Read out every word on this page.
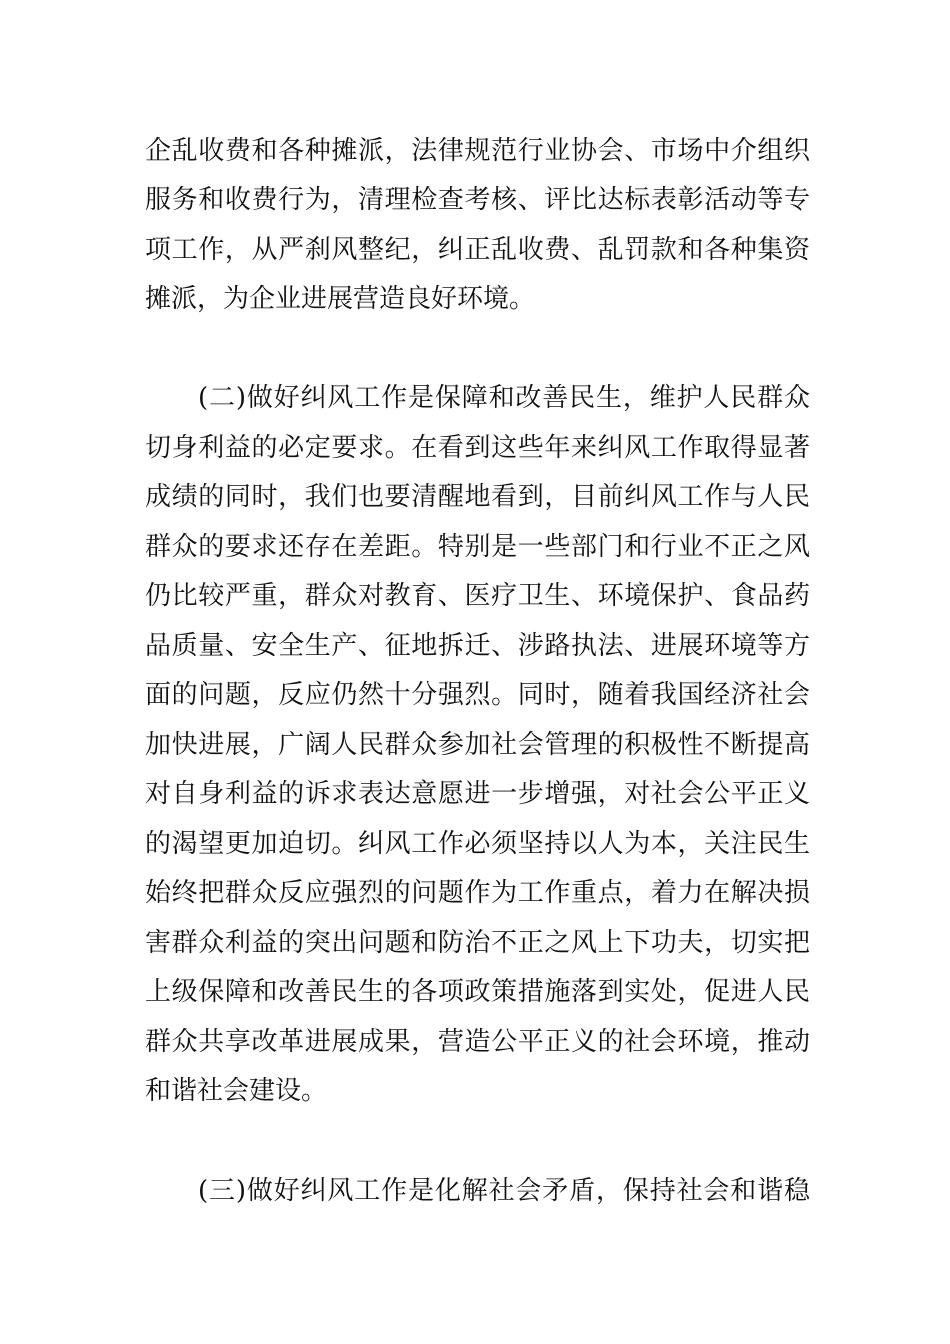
企乱收费和各种摊派，法律规范行业协会、市场中介组织
服务和收费行为，清理检查考核、评比达标表彰活动等专
项工作，从严刹风整纪，纠正乱收费、乱罚款和各种集资
摊派，为企业进展营造良好环境。
(二)做好纠风工作是保障和改善民生，维护人民群众
切身利益的必定要求。在看到这些年来纠风工作取得显著
成绩的同时，我们也要清醒地看到，目前纠风工作与人民
群众的要求还存在差距。特别是一些部门和行业不正之风
仍比较严重，群众对教育、医疗卫生、环境保护、食品药
品质量、安全生产、征地拆迁、涉路执法、进展环境等方
面的问题，反应仍然十分强烈。同时，随着我国经济社会
加快进展，广阔人民群众参加社会管理的积极性不断提高
对自身利益的诉求表达意愿进一步增强，对社会公平正义
的渴望更加迫切。纠风工作必须坚持以人为本，关注民生
始终把群众反应强烈的问题作为工作重点，着力在解决损
害群众利益的突出问题和防治不正之风上下功夫，切实把
上级保障和改善民生的各项政策措施落到实处，促进人民
群众共享改革进展成果，营造公平正义的社会环境，推动
和谐社会建设。
(三)做好纠风工作是化解社会矛盾，保持社会和谐稳
